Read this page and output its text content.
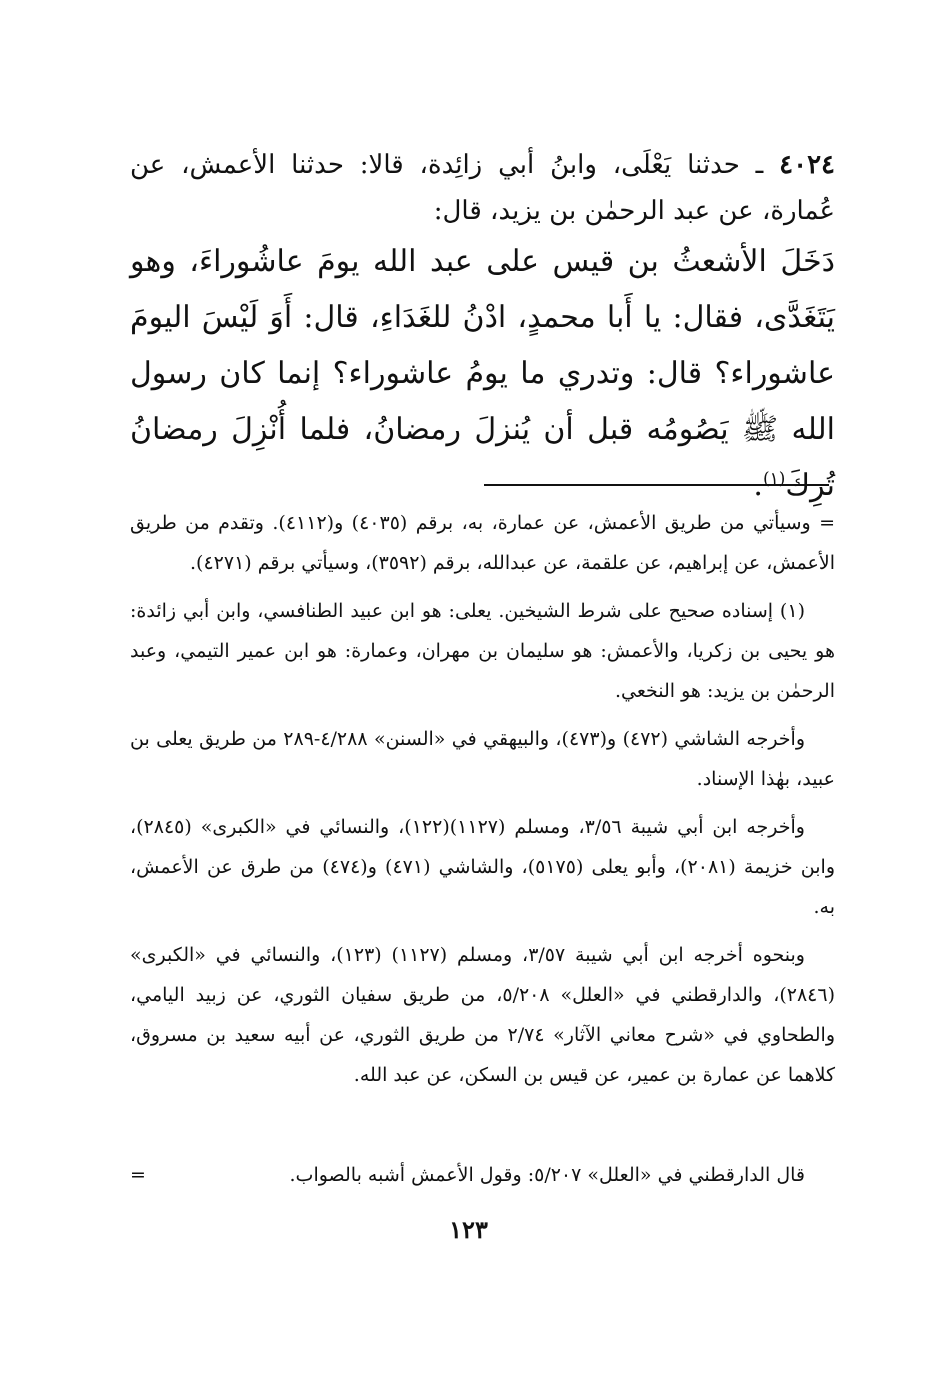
٤٠٢٤ ـ حدثنا يَعْلَى، وابنُ أبي زائِدة، قالا: حدثنا الأعمش، عن عُمارة، عن عبد الرحمٰن بن يزيد، قال:
دَخَلَ الأشعثُ بن قيس على عبد الله يومَ عاشُوراءَ، وهو يَتَغَدَّى، فقال: يا أَبا محمدٍ، ادْنُ للغَدَاءِ، قال: أَوَ لَيْسَ اليومَ عاشوراء؟ قال: وتدري ما يومُ عاشوراء؟ إنما كان رسول الله ﷺ يَصُومُه قبل أن يُنزلَ رمضانُ، فلما أُنْزِلَ رمضانُ تُرِكَ$^{(١)}$.

= وسيأتي من طريق الأعمش، عن عمارة، به، برقم (٤٠٣٥) و(٤١١٢). وتقدم من طريق الأعمش، عن إبراهيم، عن علقمة، عن عبدالله، برقم (٣٥٩٢)، وسيأتي برقم (٤٢٧١).

(١) إسناده صحيح على شرط الشيخين. يعلى: هو ابن عبيد الطنافسي، وابن أبي زائدة: هو يحيى بن زكريا، والأعمش: هو سليمان بن مهران، وعمارة: هو ابن عمير التيمي، وعبد الرحمٰن بن يزيد: هو النخعي.

وأخرجه الشاشي (٤٧٢) و(٤٧٣)، والبيهقي في «السنن» ٤/٢٨٨-٢٨٩ من طريق يعلى بن عبيد، بهٰذا الإسناد.

وأخرجه ابن أبي شيبة ٣/٥٦، ومسلم (١١٢٧)(١٢٢)، والنسائي في «الكبرى» (٢٨٤٥)، وابن خزيمة (٢٠٨١)، وأبو يعلى (٥١٧٥)، والشاشي (٤٧١) و(٤٧٤) من طرق عن الأعمش، به.

وبنحوه أخرجه ابن أبي شيبة ٣/٥٧، ومسلم (١١٢٧) (١٢٣)، والنسائي في «الكبرى» (٢٨٤٦)، والدارقطني في «العلل» ٥/٢٠٨، من طريق سفيان الثوري، عن زبيد اليامي، والطحاوي في «شرح معاني الآثار» ٢/٧٤ من طريق الثوري، عن أبيه سعيد بن مسروق، كلاهما عن عمارة بن عمير، عن قيس بن السكن، عن عبد الله.

قال الدارقطني في «العلل» ٥/٢٠٧: وقول الأعمش أشبه بالصواب.
=
١٢٣
